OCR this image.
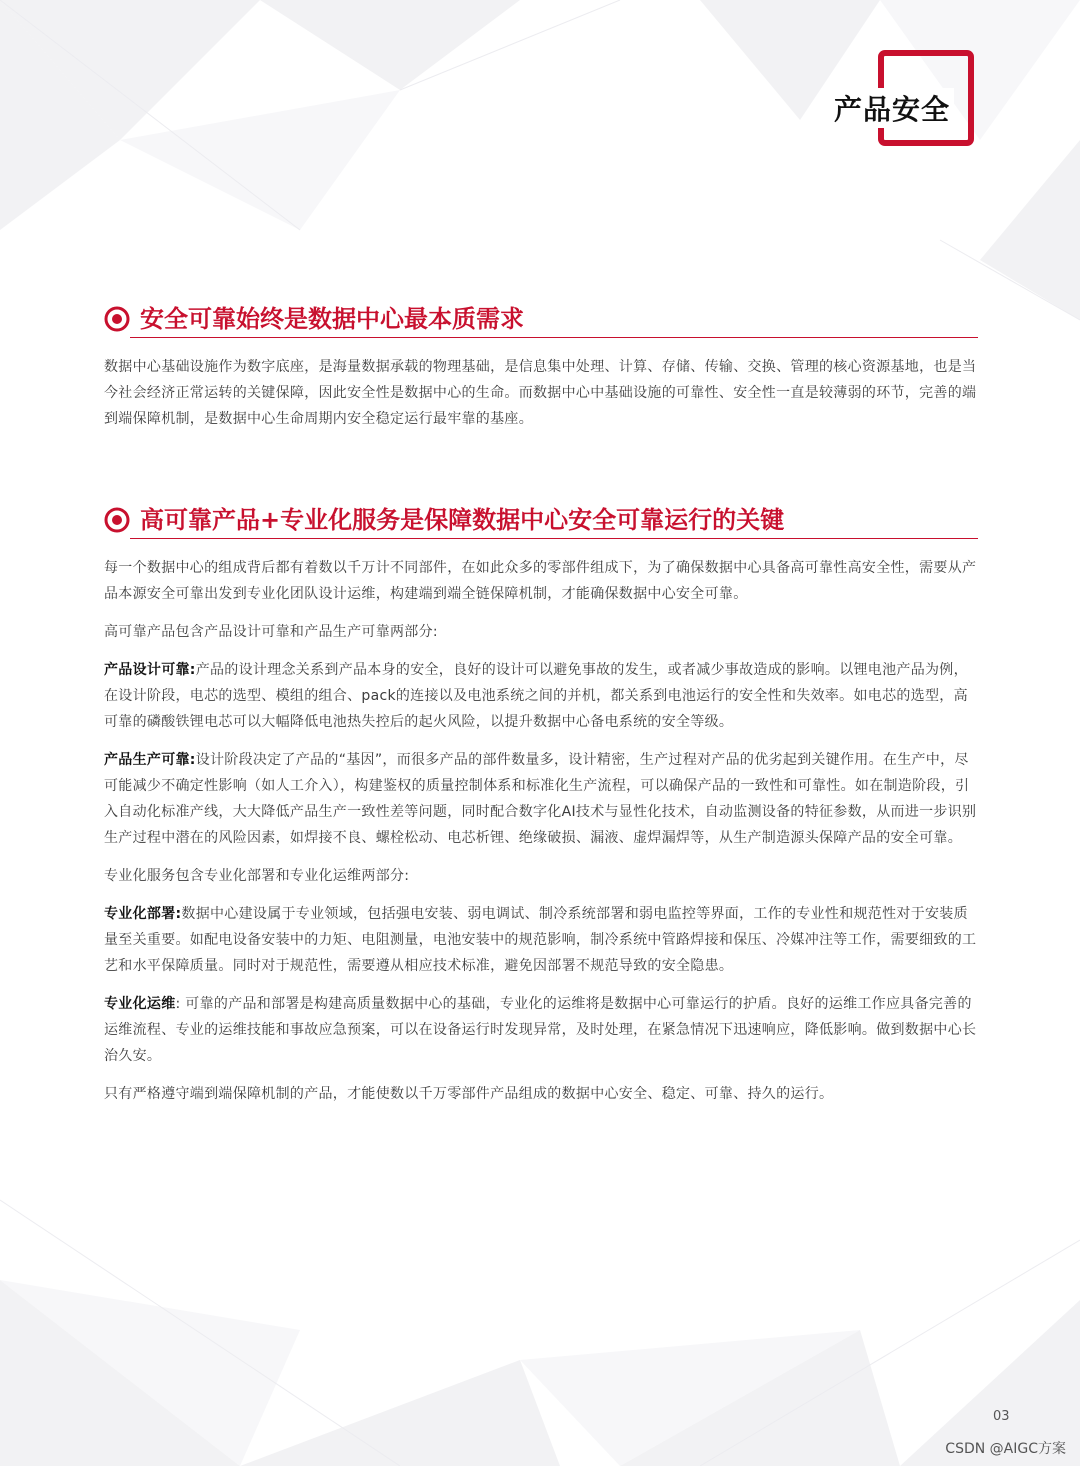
产品安全
安全可靠始终是数据中心最本质需求

数据中心基础设施作为数字底座，是海量数据承载的物理基础，是信息集中处理、计算、存储、传输、交换、管理的核心资源基地，也是当今社会经济正常运转的关键保障，因此安全性是数据中心的生命。而数据中心中基础设施的可靠性、安全性一直是较薄弱的环节，完善的端到端保障机制，是数据中心生命周期内安全稳定运行最牢靠的基座。

高可靠产品+专业化服务是保障数据中心安全可靠运行的关键

每一个数据中心的组成背后都有着数以千万计不同部件，在如此众多的零部件组成下，为了确保数据中心具备高可靠性高安全性，需要从产品本源安全可靠出发到专业化团队设计运维，构建端到端全链保障机制，才能确保数据中心安全可靠。

高可靠产品包含产品设计可靠和产品生产可靠两部分:

产品设计可靠:产品的设计理念关系到产品本身的安全，良好的设计可以避免事故的发生，或者减少事故造成的影响。以锂电池产品为例，在设计阶段，电芯的选型、模组的组合、pack的连接以及电池系统之间的并机，都关系到电池运行的安全性和失效率。如电芯的选型，高可靠的磷酸铁锂电芯可以大幅降低电池热失控后的起火风险，以提升数据中心备电系统的安全等级。

产品生产可靠:设计阶段决定了产品的“基因”，而很多产品的部件数量多，设计精密，生产过程对产品的优劣起到关键作用。在生产中，尽可能减少不确定性影响（如人工介入），构建鉴权的质量控制体系和标准化生产流程，可以确保产品的一致性和可靠性。如在制造阶段，引入自动化标准产线，大大降低产品生产一致性差等问题，同时配合数字化AI技术与显性化技术，自动监测设备的特征参数，从而进一步识别生产过程中潜在的风险因素，如焊接不良、螺栓松动、电芯析锂、绝缘破损、漏液、虚焊漏焊等，从生产制造源头保障产品的安全可靠。

专业化服务包含专业化部署和专业化运维两部分:

专业化部署:数据中心建设属于专业领域，包括强电安装、弱电调试、制冷系统部署和弱电监控等界面，工作的专业性和规范性对于安装质量至关重要。如配电设备安装中的力矩、电阻测量，电池安装中的规范影响，制冷系统中管路焊接和保压、冷媒冲注等工作，需要细致的工艺和水平保障质量。同时对于规范性，需要遵从相应技术标准，避免因部署不规范导致的安全隐患。

专业化运维: 可靠的产品和部署是构建高质量数据中心的基础，专业化的运维将是数据中心可靠运行的护盾。良好的运维工作应具备完善的运维流程、专业的运维技能和事故应急预案，可以在设备运行时发现异常，及时处理，在紧急情况下迅速响应，降低影响。做到数据中心长治久安。

只有严格遵守端到端保障机制的产品，才能使数以千万零部件产品组成的数据中心安全、稳定、可靠、持久的运行。

03
CSDN @AIGC方案
